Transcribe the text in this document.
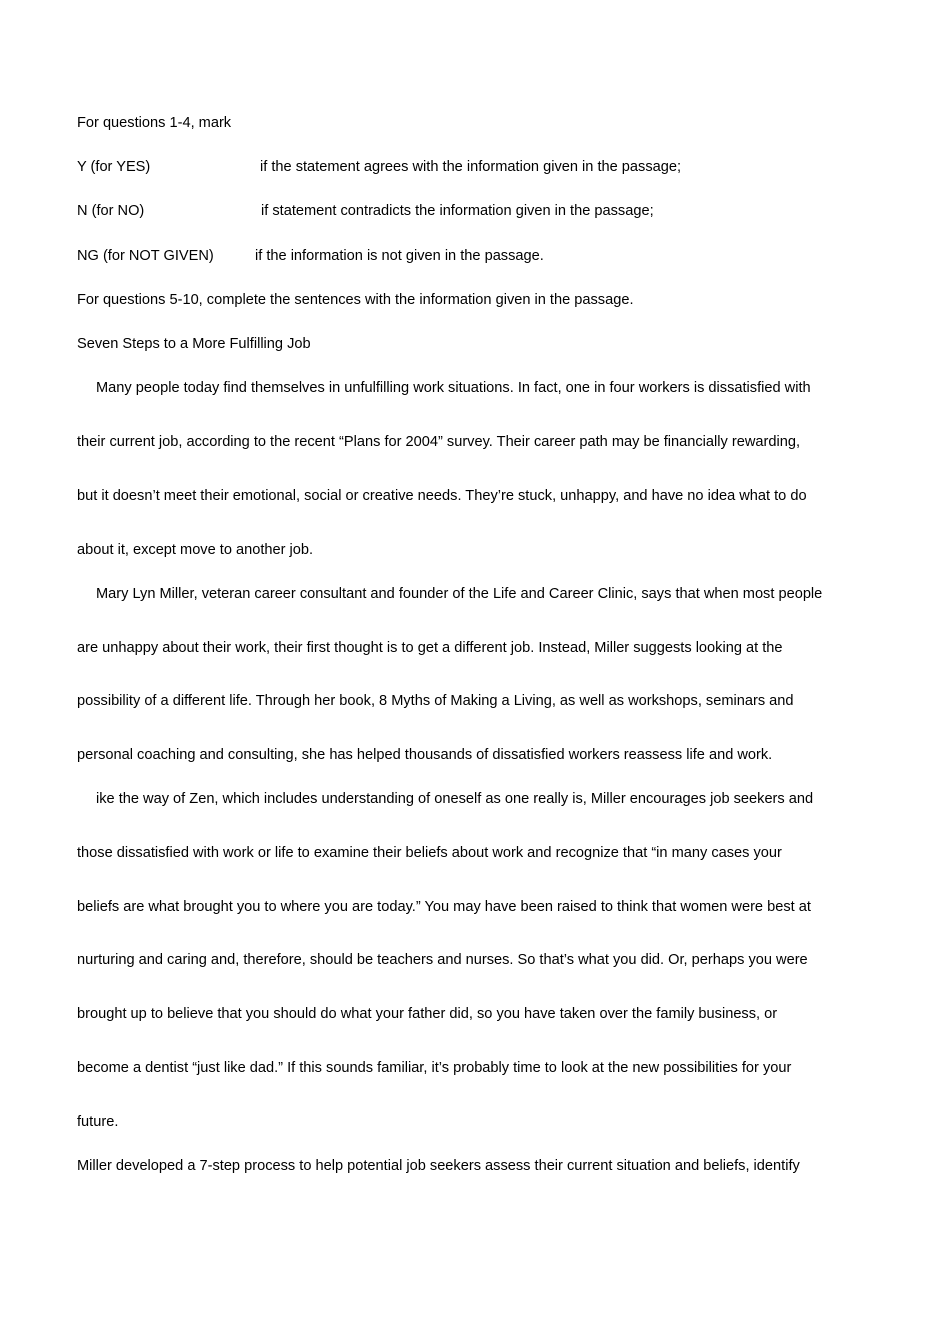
For questions 1-4, mark
Y (for YES)	if the statement agrees with the information given in the passage;
N (for NO)	if statement contradicts the information given in the passage;
NG (for NOT GIVEN)	if the information is not given in the passage.
For questions 5-10, complete the sentences with the information given in the passage.
Seven Steps to a More Fulfilling Job
Many people today find themselves in unfulfilling work situations. In fact, one in four workers is dissatisfied with
their current job, according to the recent “Plans for 2004” survey. Their career path may be financially rewarding,
but it doesn’t meet their emotional, social or creative needs. They’re stuck, unhappy, and have no idea what to do
about it, except move to another job.
Mary Lyn Miller, veteran career consultant and founder of the Life and Career Clinic, says that when most people
are unhappy about their work, their first thought is to get a different job. Instead, Miller suggests looking at the
possibility of a different life. Through her book, 8 Myths of Making a Living, as well as workshops, seminars and
personal coaching and consulting, she has helped thousands of dissatisfied workers reassess life and work.
ike the way of Zen, which includes understanding of oneself as one really is, Miller encourages job seekers and
those dissatisfied with work or life to examine their beliefs about work and recognize that “in many cases your
beliefs are what brought you to where you are today.” You may have been raised to think that women were best at
nurturing and caring and, therefore, should be teachers and nurses. So that’s what you did. Or, perhaps you were
brought up to believe that you should do what your father did, so you have taken over the family business, or
become a dentist “just like dad.” If this sounds familiar, it’s probably time to look at the new possibilities for your
future.
Miller developed a 7-step process to help potential job seekers assess their current situation and beliefs, identify
